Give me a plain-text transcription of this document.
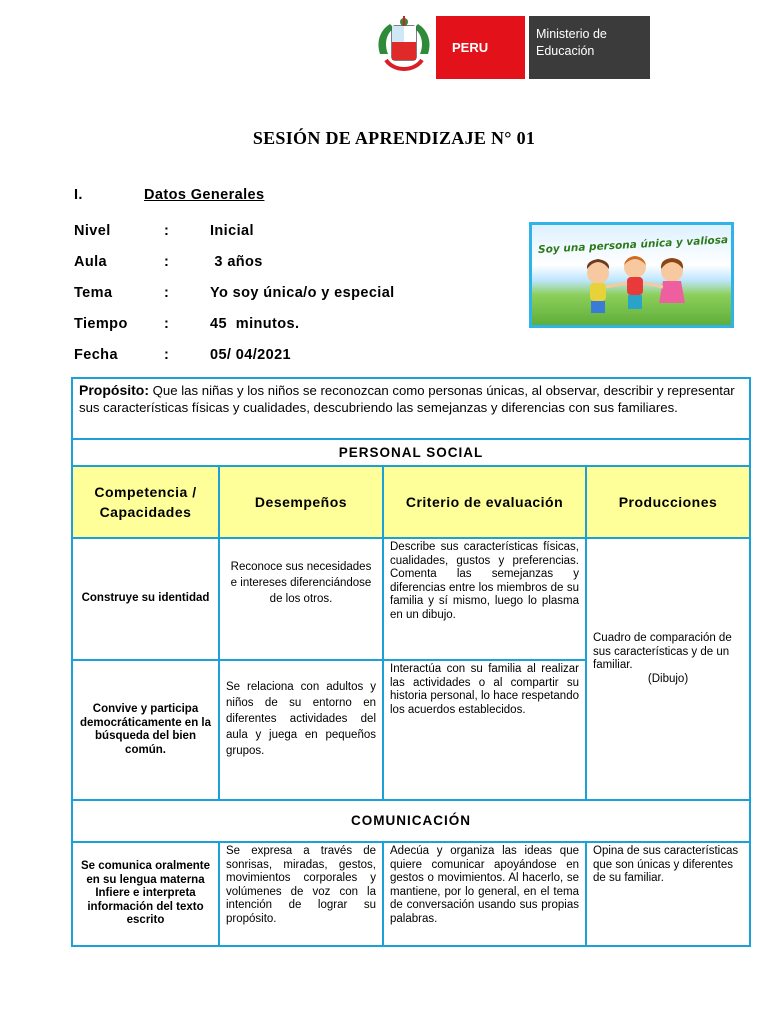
PERU
Ministerio de
Educación
SESIÓN DE APRENDIZAJE N° 01
I.	Datos Generales
Nivel	:	Inicial
Aula	:	3 años
Tema	:	Yo soy única/o y especial
Tiempo	:	45  minutos.
Fecha	:	05/ 04/2021
Soy una persona única y valiosa
Propósito: Que las niñas y los niños se reconozcan como personas únicas, al observar, describir y representar sus características físicas y cualidades, descubriendo las semejanzas y diferencias con sus familiares.			
PERSONAL SOCIAL			
Competencia / Capacidades	Desempeños	Criterio de evaluación	Producciones
Construye su identidad	Reconoce sus necesidades e intereses diferenciándose de los otros.	Describe sus características físicas, cualidades, gustos y preferencias. Comenta las semejanzas y diferencias entre los miembros de su familia y sí mismo, luego lo plasma en un dibujo.	Cuadro de comparación de sus características y de un familiar.
(Dibujo)

Convive y participa democráticamente en la búsqueda del bien común.	Se relaciona con adultos y niños de su entorno en diferentes actividades del aula y juega en pequeños grupos.	Interactúa con su familia al realizar las actividades o al compartir su historia personal, lo hace respetando los acuerdos establecidos.	
COMUNICACIÓN			

Se comunica oralmente en su lengua materna
Infiere e interpreta información del texto escrito	Se expresa a través de sonrisas, miradas, gestos, movimientos corporales y volúmenes de voz con la intención de lograr su propósito.	Adecúa y organiza las ideas que quiere comunicar apoyándose en gestos o movimientos. Al hacerlo, se mantiene, por lo general, en el tema de conversación usando sus propias palabras.	Opina de sus características que son únicas y diferentes de su familiar.
